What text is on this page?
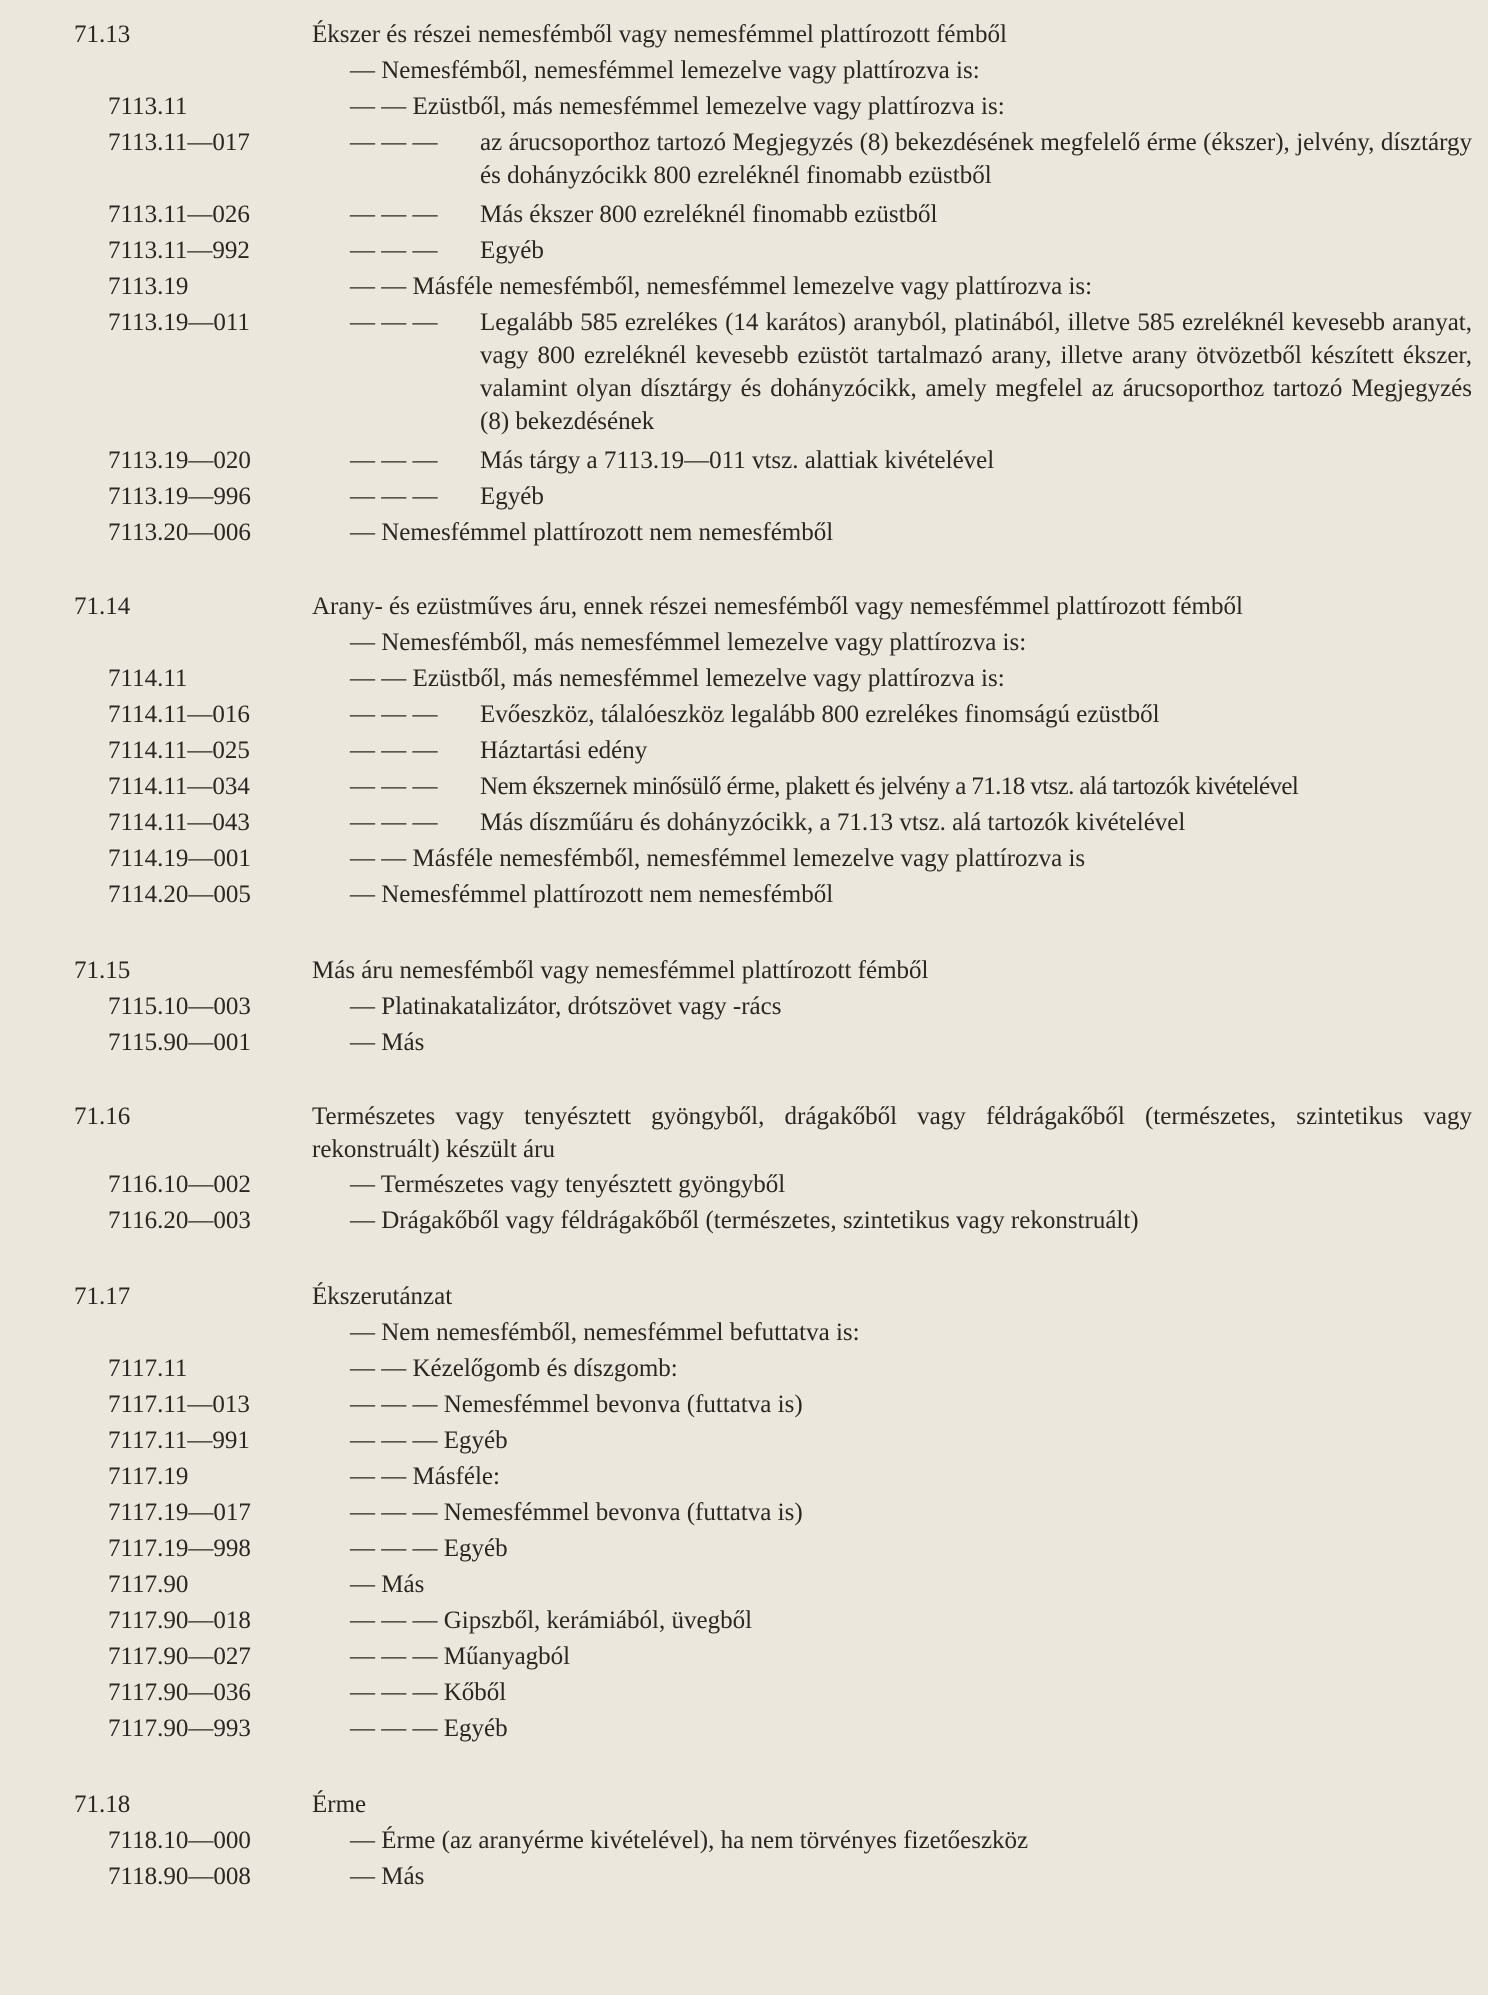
71.13	Ékszer és részei nemesfémből vagy nemesfémmel plattírozott fémből
— Nemesfémből, nemesfémmel lemezelve vagy plattírozva is:
7113.11	— — Ezüstből, más nemesfémmel lemezelve vagy plattírozva is:
7113.11—017	— — — az árucsoporthoz tartozó Megjegyzés (8) bekezdésének megfelelő érme (ékszer), jelvény, dísztárgy és dohányzócikk 800 ezreléknél finomabb ezüstből
7113.11—026	— — — Más ékszer 800 ezreléknél finomabb ezüstből
7113.11—992	— — — Egyéb
7113.19	— — Másféle nemesfémből, nemesfémmel lemezelve vagy plattírozva is:
7113.19—011	— — — Legalább 585 ezrelékes (14 karátos) aranyból, platinából, illetve 585 ezreléknél kevesebb aranyat, vagy 800 ezreléknél kevesebb ezüstöt tartalmazó arany, illetve arany ötvözetből készített ékszer, valamint olyan dísztárgy és dohányzócikk, amely megfelel az árucsoporthoz tartozó Megjegyzés (8) bekezdésének
7113.19—020	— — — Más tárgy a 7113.19—011 vtsz. alattiak kivételével
7113.19—996	— — — Egyéb
7113.20—006	— Nemesfémmel plattírozott nem nemesfémből
71.14	Arany- és ezüstműves áru, ennek részei nemesfémből vagy nemesfémmel plattírozott fémből
— Nemesfémből, más nemesfémmel lemezelve vagy plattírozva is:
7114.11	— — Ezüstből, más nemesfémmel lemezelve vagy plattírozva is:
7114.11—016	— — — Evőeszköz, tálalóeszköz legalább 800 ezrelékes finomságú ezüstből
7114.11—025	— — — Háztartási edény
7114.11—034	— — — Nem ékszernek minősülő érme, plakett és jelvény a 71.18 vtsz. alá tartozók kivételével
7114.11—043	— — — Más díszműáru és dohányzócikk, a 71.13 vtsz. alá tartozók kivételével
7114.19—001	— — Másféle nemesfémből, nemesfémmel lemezelve vagy plattírozva is
7114.20—005	— Nemesfémmel plattírozott nem nemesfémből
71.15	Más áru nemesfémből vagy nemesfémmel plattírozott fémből
7115.10—003	— Platinakatalizátor, drótszövet vagy -rács
7115.90—001	— Más
71.16	Természetes vagy tenyésztett gyöngyből, drágakőből vagy féldrágakőből (természetes, szintetikus vagy rekonstruált) készült áru
7116.10—002	— Természetes vagy tenyésztett gyöngyből
7116.20—003	— Drágakőből vagy féldrágakőből (természetes, szintetikus vagy rekonstruált)
71.17	Ékszerutánzat
— Nem nemesfémből, nemesfémmel befuttatva is:
7117.11	— — Kézelőgomb és díszgomb:
7117.11—013	— — — Nemesfémmel bevonva (futtatva is)
7117.11—991	— — — Egyéb
7117.19	— — Másféle:
7117.19—017	— — — Nemesfémmel bevonva (futtatva is)
7117.19—998	— — — Egyéb
7117.90	— Más
7117.90—018	— — — Gipszből, kerámiából, üvegből
7117.90—027	— — — Műanyagból
7117.90—036	— — — Kőből
7117.90—993	— — — Egyéb
71.18	Érme
7118.10—000	— Érme (az aranyérme kivételével), ha nem törvényes fizetőeszköz
7118.90—008	— Más
